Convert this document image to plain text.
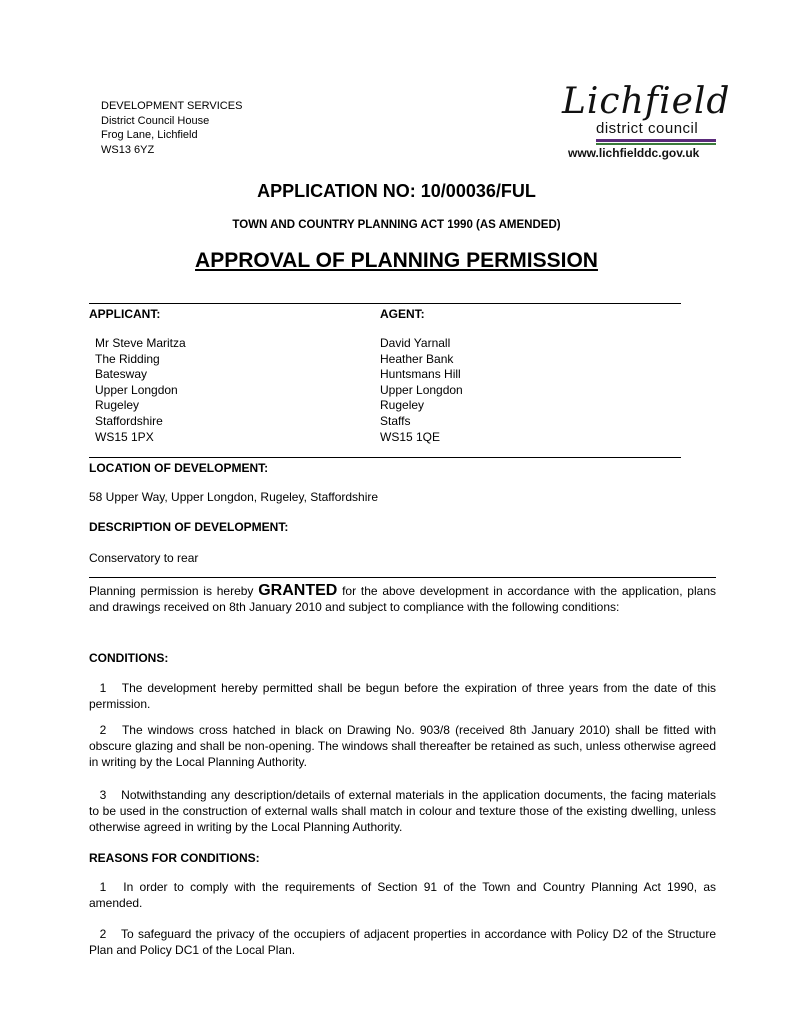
DEVELOPMENT SERVICES
District Council House
Frog Lane, Lichfield
WS13 6YZ
Lichfield
district council
www.lichfielddc.gov.uk
APPLICATION NO: 10/00036/FUL
TOWN AND COUNTRY PLANNING ACT 1990 (AS AMENDED)
APPROVAL OF PLANNING PERMISSION
APPLICANT:	AGENT:
Mr Steve Maritza
The Ridding
Batesway
Upper Longdon
Rugeley
Staffordshire
WS15 1PX
David Yarnall
Heather Bank
Huntsmans Hill
Upper Longdon
Rugeley
Staffs
WS15 1QE
LOCATION OF DEVELOPMENT:
58 Upper Way, Upper Longdon, Rugeley, Staffordshire
DESCRIPTION OF DEVELOPMENT:
Conservatory to rear
Planning permission is hereby GRANTED for the above development in accordance with the application, plans and drawings received on 8th January 2010 and subject to compliance with the following conditions:
CONDITIONS:
1 The development hereby permitted shall be begun before the expiration of three years from the date of this permission.
2 The windows cross hatched in black on Drawing No. 903/8 (received 8th January 2010) shall be fitted with obscure glazing and shall be non-opening. The windows shall thereafter be retained as such, unless otherwise agreed in writing by the Local Planning Authority.
3 Notwithstanding any description/details of external materials in the application documents, the facing materials to be used in the construction of external walls shall match in colour and texture those of the existing dwelling, unless otherwise agreed in writing by the Local Planning Authority.
REASONS FOR CONDITIONS:
1 In order to comply with the requirements of Section 91 of the Town and Country Planning Act 1990, as amended.
2 To safeguard the privacy of the occupiers of adjacent properties in accordance with Policy D2 of the Structure Plan and Policy DC1 of the Local Plan.
